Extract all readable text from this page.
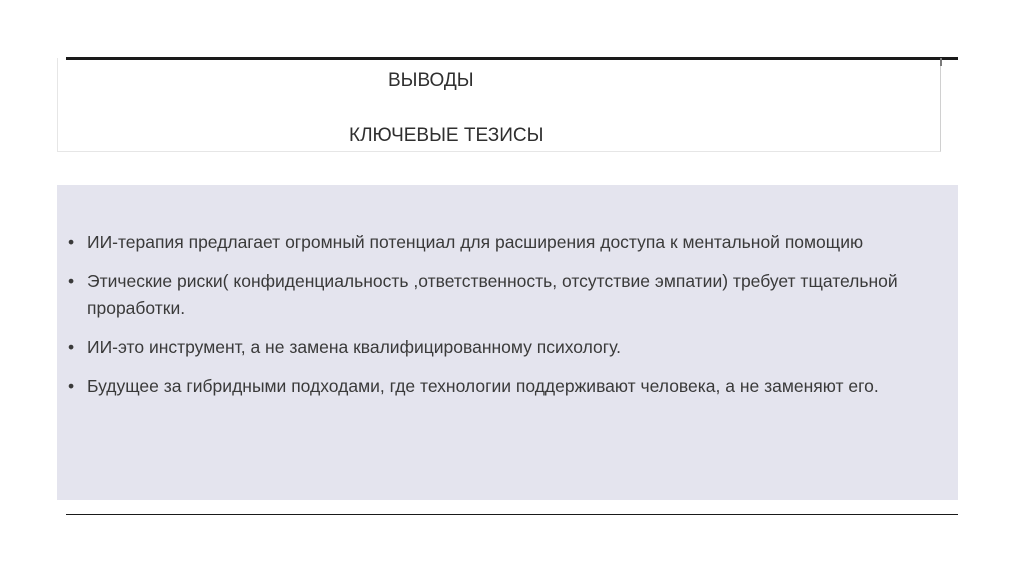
ВЫВОДЫ
КЛЮЧЕВЫЕ ТЕЗИСЫ
• ИИ-терапия предлагает огромный потенциал для расширения доступа к ментальной помощию
• Этические риски( конфиденциальность ,ответственность, отсутствие эмпатии) требует тщательной проработки.
• ИИ-это инструмент, а не замена квалифицированному психологу.
• Будущее за гибридными подходами, где технологии поддерживают человека, а не заменяют его.
